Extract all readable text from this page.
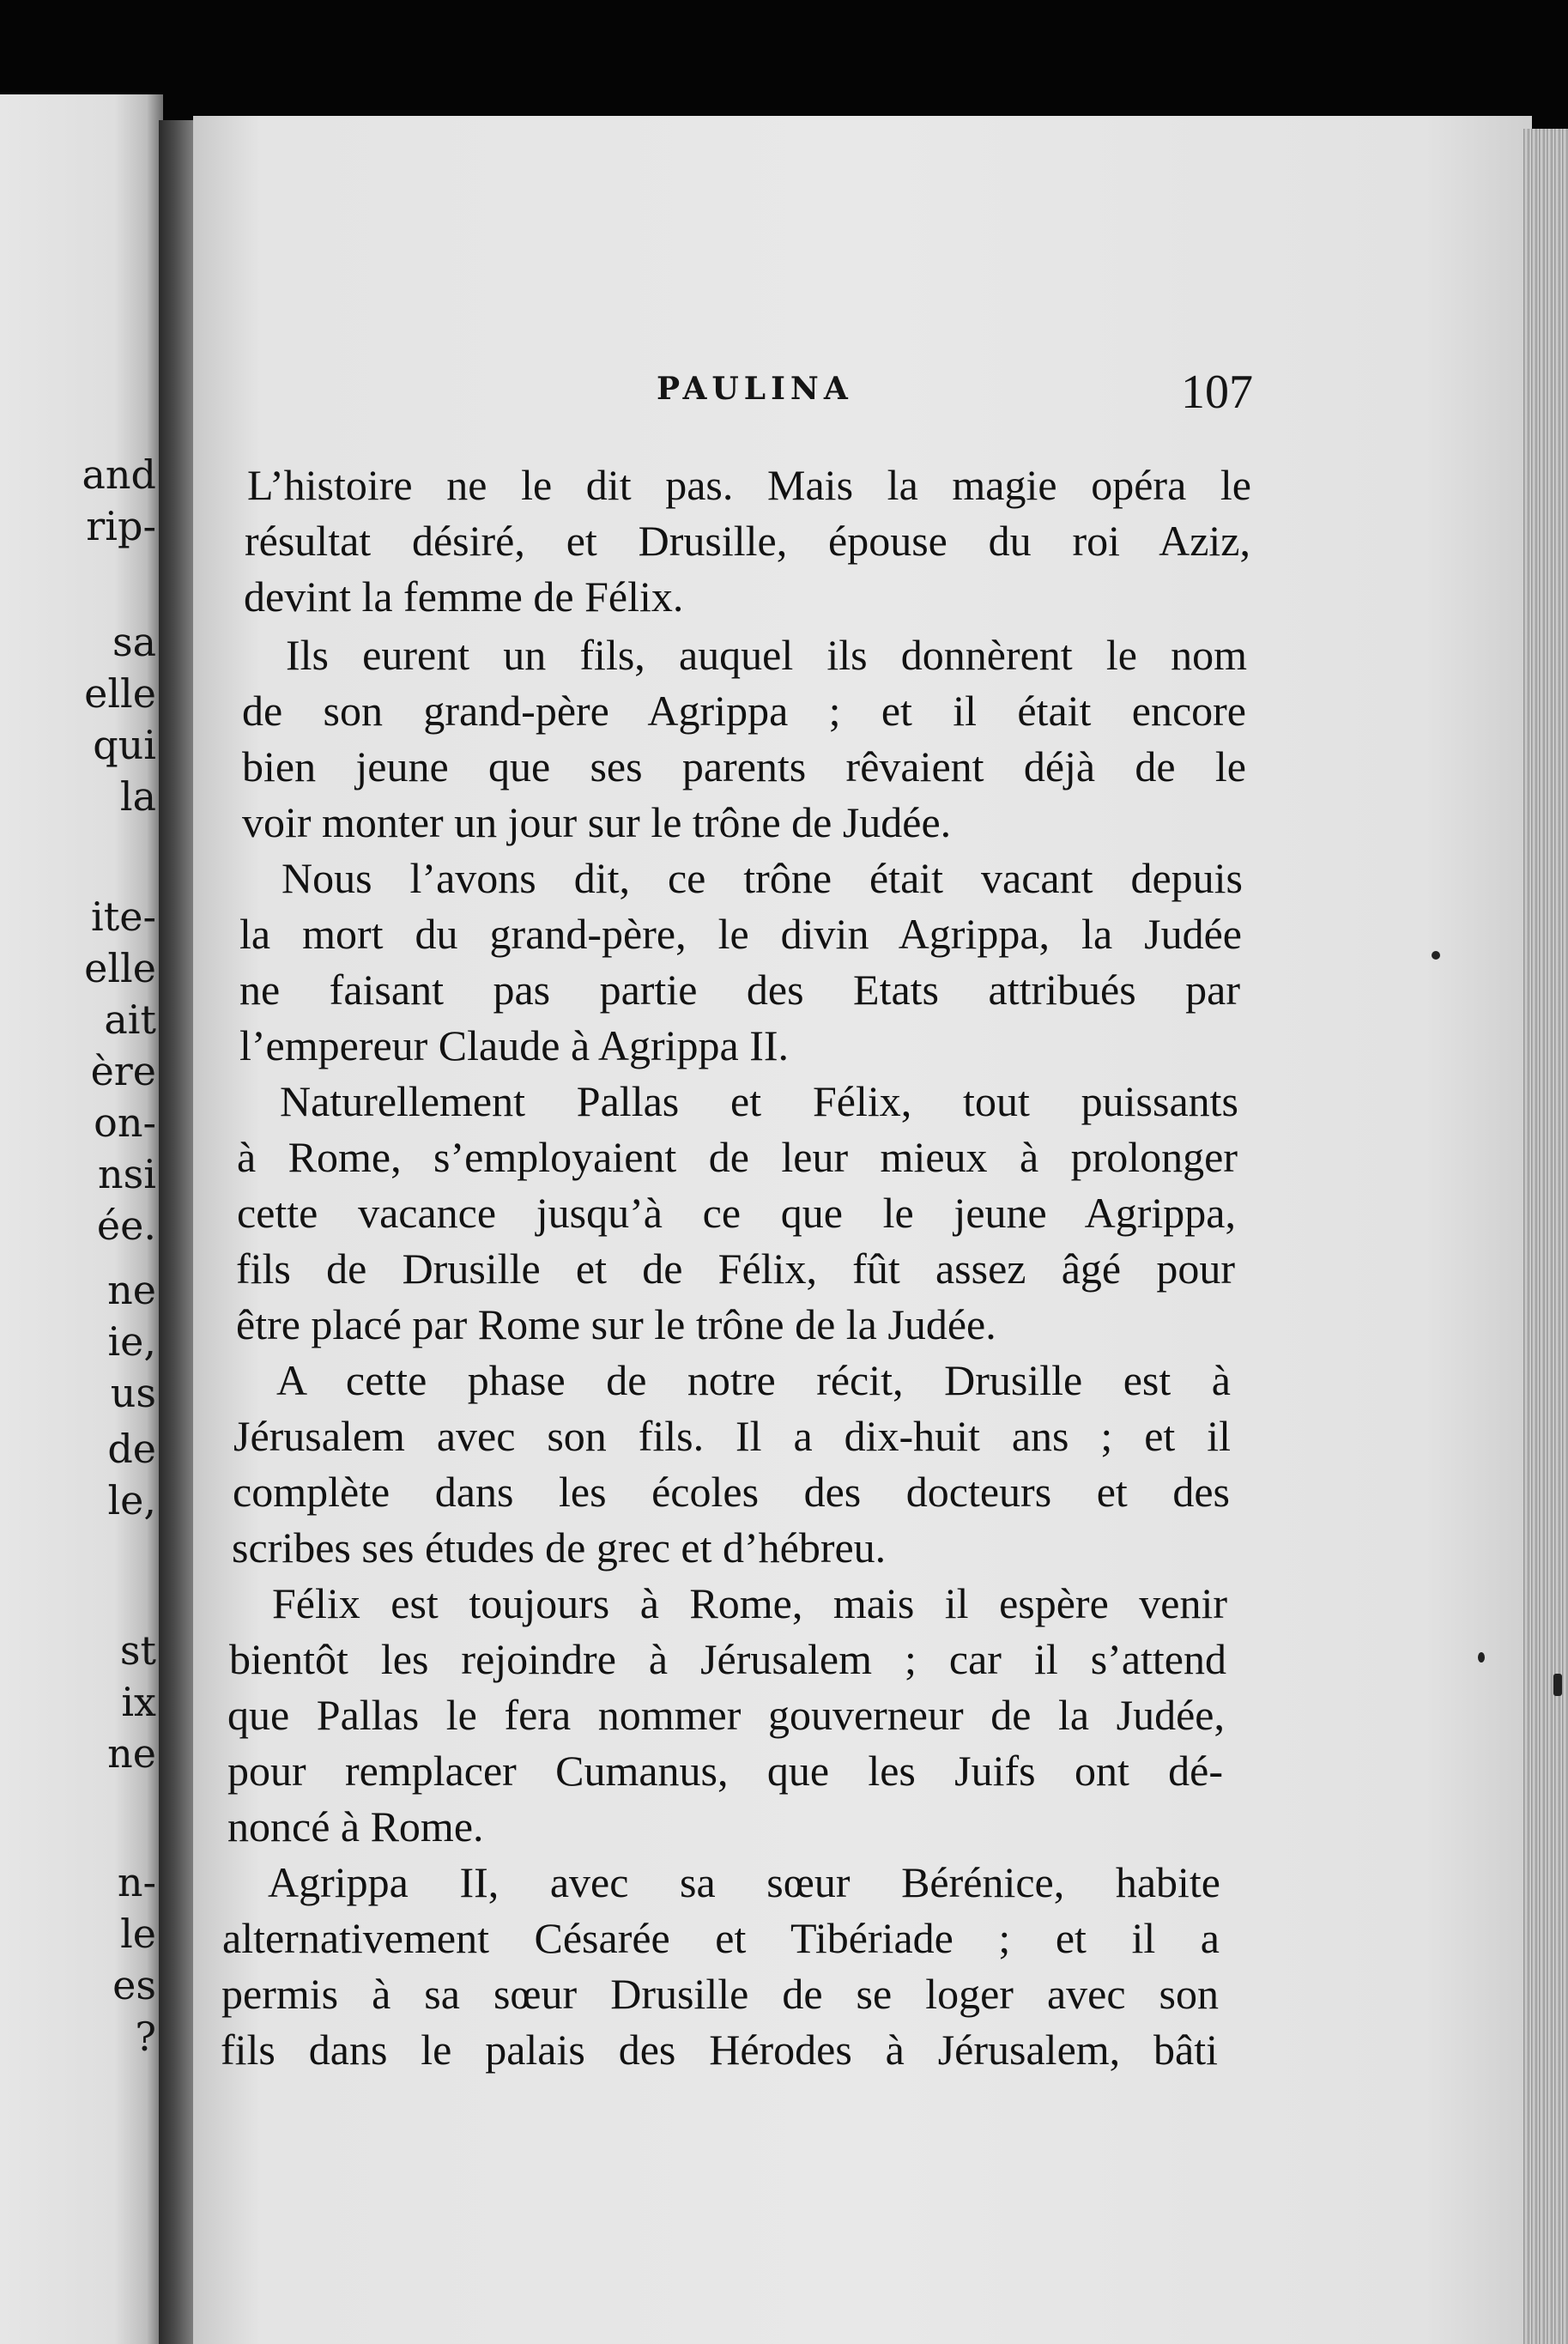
and
rip-
sa
elle
qui
la
ite-
elle
ait
ère
on-
nsi
ée.
ne
ie,
us
de
le,
st
ix
ne
n-
le
es
?
PAULINA	107
L’histoire ne le dit pas. Mais la magie opéra le
résultat désiré, et Drusille, épouse du roi Aziz,
devint la femme de Félix.
Ils eurent un fils, auquel ils donnèrent le nom
de son grand-père Agrippa ; et il était encore
bien jeune que ses parents rêvaient déjà de le
voir monter un jour sur le trône de Judée.
Nous l’avons dit, ce trône était vacant depuis
la mort du grand-père, le divin Agrippa, la Judée
ne faisant pas partie des Etats attribués par
l’empereur Claude à Agrippa II.
Naturellement Pallas et Félix, tout puissants
à Rome, s’employaient de leur mieux à prolonger
cette vacance jusqu’à ce que le jeune Agrippa,
fils de Drusille et de Félix, fût assez âgé pour
être placé par Rome sur le trône de la Judée.
A cette phase de notre récit, Drusille est à
Jérusalem avec son fils. Il a dix-huit ans ; et il
complète dans les écoles des docteurs et des
scribes ses études de grec et d’hébreu.
Félix est toujours à Rome, mais il espère venir
bientôt les rejoindre à Jérusalem ; car il s’attend
que Pallas le fera nommer gouverneur de la Judée,
pour remplacer Cumanus, que les Juifs ont dé-
noncé à Rome.
Agrippa II, avec sa sœur Bérénice, habite
alternativement Césarée et Tibériade ; et il a
permis à sa sœur Drusille de se loger avec son
fils dans le palais des Hérodes à Jérusalem, bâti
